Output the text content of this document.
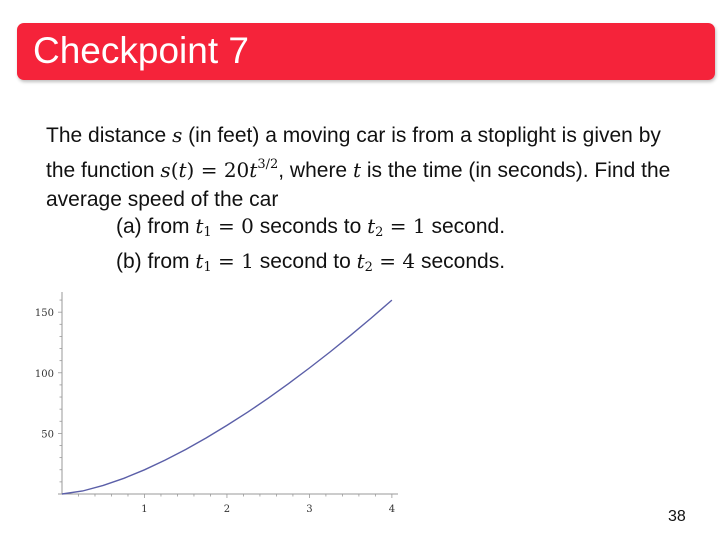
Checkpoint 7

The distance s (in feet) a moving car is from a stoplight is given by the function $s(t) = 20t^{3/2}$, where t is the time (in seconds). Find the average speed of the car

(a) from $t_1 = 0$ seconds to $t_2 = 1$ second.
(b) from $t_1 = 1$ second to $t_2 = 4$ seconds.
1	2	3	4
50
100
150
38
